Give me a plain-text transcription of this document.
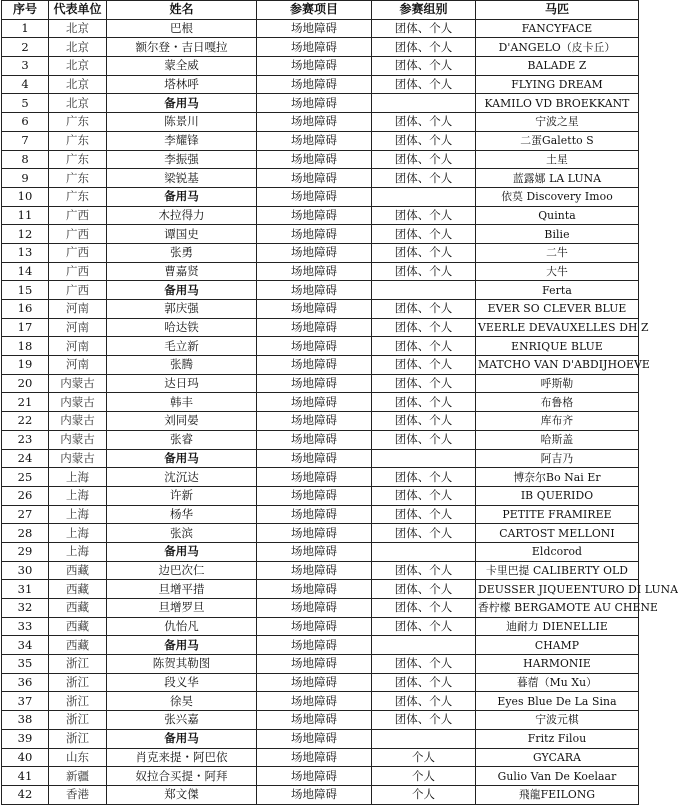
序号	代表单位	姓名	参赛项目	参赛组别	马匹
1	北京	巴根	场地障碍	团体、个人	FANCYFACE
2	北京	额尔登・吉日嘎拉	场地障碍	团体、个人	D'ANGELO（皮卡丘）
3	北京	蒙全威	场地障碍	团体、个人	BALADE Z
4	北京	塔林呼	场地障碍	团体、个人	FLYING DREAM
5	北京	备用马	场地障碍		KAMILO VD BROEKKANT
6	广东	陈景川	场地障碍	团体、个人	宁波之星
7	广东	李耀锋	场地障碍	团体、个人	二蛋Galetto S
8	广东	李振强	场地障碍	团体、个人	土星
9	广东	梁锐基	场地障碍	团体、个人	蓝露娜 LA LUNA
10	广东	备用马	场地障碍		依莫 Discovery Imoo
11	广西	木拉得力	场地障碍	团体、个人	Quinta
12	广西	谭国史	场地障碍	团体、个人	Bilie
13	广西	张勇	场地障碍	团体、个人	二牛
14	广西	曹嘉贤	场地障碍	团体、个人	大牛
15	广西	备用马	场地障碍		Ferta
16	河南	郭庆强	场地障碍	团体、个人	EVER SO CLEVER BLUE
17	河南	哈达铁	场地障碍	团体、个人	VEERLE DEVAUXELLES DH Z
18	河南	毛立新	场地障碍	团体、个人	ENRIQUE BLUE
19	河南	张腾	场地障碍	团体、个人	MATCHO VAN D'ABDIJHOEVE
20	内蒙古	达日玛	场地障碍	团体、个人	呼斯勒
21	内蒙古	韩丰	场地障碍	团体、个人	布鲁格
22	内蒙古	刘同晏	场地障碍	团体、个人	库布齐
23	内蒙古	张睿	场地障碍	团体、个人	哈斯盖
24	内蒙古	备用马	场地障碍		阿吉乃
25	上海	沈沉达	场地障碍	团体、个人	博奈尔Bo Nai Er
26	上海	许新	场地障碍	团体、个人	IB QUERIDO
27	上海	杨华	场地障碍	团体、个人	PETITE FRAMIREE
28	上海	张滨	场地障碍	团体、个人	CARTOST MELLONI
29	上海	备用马	场地障碍		Eldcorod
30	西藏	边巴次仁	场地障碍	团体、个人	卡里巴提 CALIBERTY OLD
31	西藏	旦增平措	场地障碍	团体、个人	DEUSSER JIQUEENTURO DI LUNA
32	西藏	旦增罗旦	场地障碍	团体、个人	香柠檬 BERGAMOTE AU CHENE
33	西藏	仇怡凡	场地障碍	团体、个人	迪耐力 DIENELLIE
34	西藏	备用马	场地障碍		CHAMP
35	浙江	陈贺其勒图	场地障碍	团体、个人	HARMONIE
36	浙江	段义华	场地障碍	团体、个人	暮蓿（Mu Xu）
37	浙江	徐昊	场地障碍	团体、个人	Eyes Blue De La Sina
38	浙江	张兴嘉	场地障碍	团体、个人	宁波元棋
39	浙江	备用马	场地障碍		Fritz Filou
40	山东	肖克来提・阿巴依	场地障碍	个人	GYCARA
41	新疆	奴拉合买提・阿拜	场地障碍	个人	Gulio Van De Koelaar
42	香港	郑文傑	场地障碍	个人	飛龍FEILONG
